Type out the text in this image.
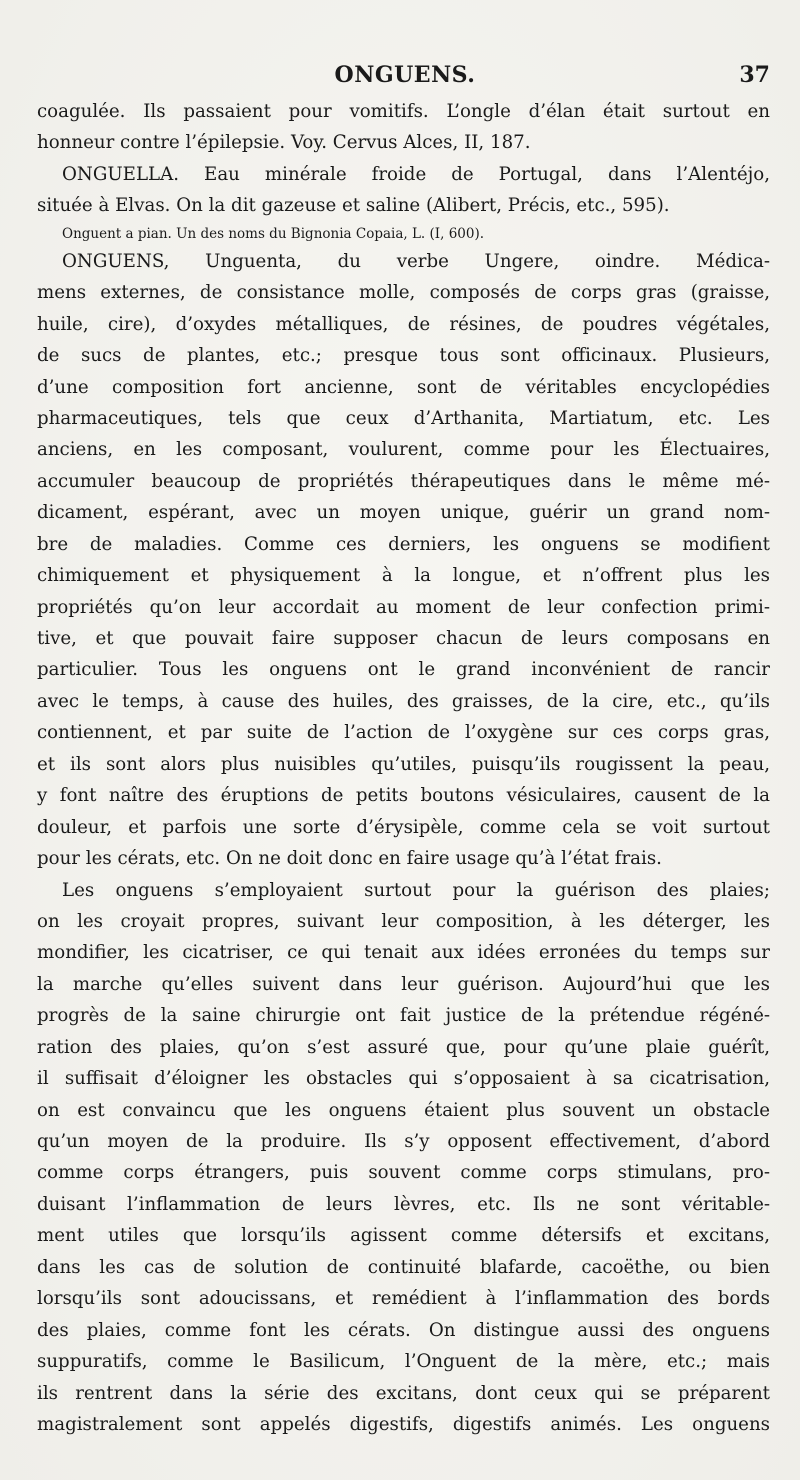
ONGUENS.	37
coagulée. Ils passaient pour vomitifs. L’ongle d’élan était surtout en
honneur contre l’épilepsie. Voy. Cervus Alces, II, 187.
ONGUELLA. Eau minérale froide de Portugal, dans l’Alentéjo,
située à Elvas. On la dit gazeuse et saline (Alibert, Précis, etc., 595).
Onguent a pian. Un des noms du Bignonia Copaia, L. (I, 600).
ONGUENS, Unguenta, du verbe Ungere, oindre. Médica-
mens externes, de consistance molle, composés de corps gras (graisse,
huile, cire), d’oxydes métalliques, de résines, de poudres végétales,
de sucs de plantes, etc.; presque tous sont officinaux. Plusieurs,
d’une composition fort ancienne, sont de véritables encyclopédies
pharmaceutiques, tels que ceux d’Arthanita, Martiatum, etc. Les
anciens, en les composant, voulurent, comme pour les Électuaires,
accumuler beaucoup de propriétés thérapeutiques dans le même mé-
dicament, espérant, avec un moyen unique, guérir un grand nom-
bre de maladies. Comme ces derniers, les onguens se modifient
chimiquement et physiquement à la longue, et n’offrent plus les
propriétés qu’on leur accordait au moment de leur confection primi-
tive, et que pouvait faire supposer chacun de leurs composans en
particulier. Tous les onguens ont le grand inconvénient de rancir
avec le temps, à cause des huiles, des graisses, de la cire, etc., qu’ils
contiennent, et par suite de l’action de l’oxygène sur ces corps gras,
et ils sont alors plus nuisibles qu’utiles, puisqu’ils rougissent la peau,
y font naître des éruptions de petits boutons vésiculaires, causent de la
douleur, et parfois une sorte d’érysipèle, comme cela se voit surtout
pour les cérats, etc. On ne doit donc en faire usage qu’à l’état frais.
Les onguens s’employaient surtout pour la guérison des plaies;
on les croyait propres, suivant leur composition, à les déterger, les
mondifier, les cicatriser, ce qui tenait aux idées erronées du temps sur
la marche qu’elles suivent dans leur guérison. Aujourd’hui que les
progrès de la saine chirurgie ont fait justice de la prétendue régéné-
ration des plaies, qu’on s’est assuré que, pour qu’une plaie guérît,
il suffisait d’éloigner les obstacles qui s’opposaient à sa cicatrisation,
on est convaincu que les onguens étaient plus souvent un obstacle
qu’un moyen de la produire. Ils s’y opposent effectivement, d’abord
comme corps étrangers, puis souvent comme corps stimulans, pro-
duisant l’inflammation de leurs lèvres, etc. Ils ne sont véritable-
ment utiles que lorsqu’ils agissent comme détersifs et excitans,
dans les cas de solution de continuité blafarde, cacoëthe, ou bien
lorsqu’ils sont adoucissans, et remédient à l’inflammation des bords
des plaies, comme font les cérats. On distingue aussi des onguens
suppuratifs, comme le Basilicum, l’Onguent de la mère, etc.; mais
ils rentrent dans la série des excitans, dont ceux qui se préparent
magistralement sont appelés digestifs, digestifs animés. Les onguens
